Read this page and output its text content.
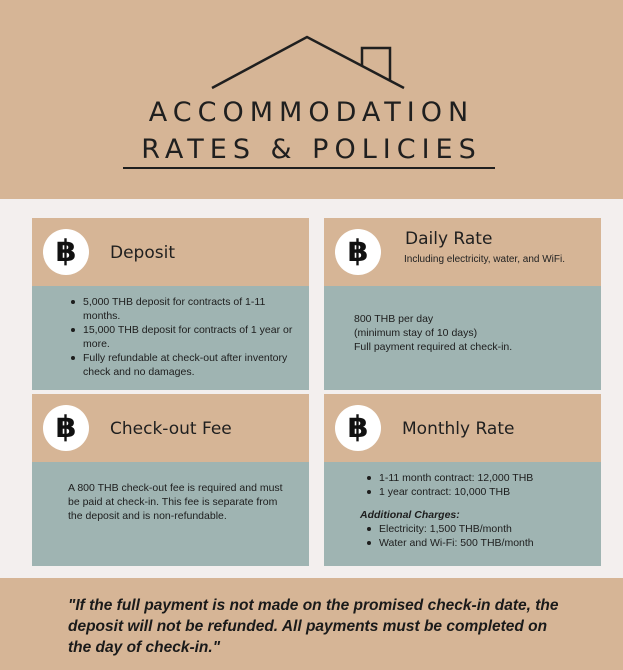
ACCOMMODATION
RATES & POLICIES
฿ Deposit
5,000 THB deposit for contracts of 1-11 months.
15,000 THB deposit for contracts of 1 year or more.
Fully refundable at check-out after inventory check and no damages.
฿ Daily Rate
Including electricity, water, and WiFi.
800 THB per day
(minimum stay of 10 days)
Full payment required at check-in.
฿ Check-out Fee
A 800 THB check-out fee is required and must be paid at check-in. This fee is separate from the deposit and is non-refundable.
฿ Monthly Rate
1-11 month contract: 12,000 THB
1 year contract: 10,000 THB
Additional Charges:
Electricity: 1,500 THB/month
Water and Wi-Fi: 500 THB/month
"If the full payment is not made on the promised check-in date, the deposit will not be refunded. All payments must be completed on the day of check-in."
